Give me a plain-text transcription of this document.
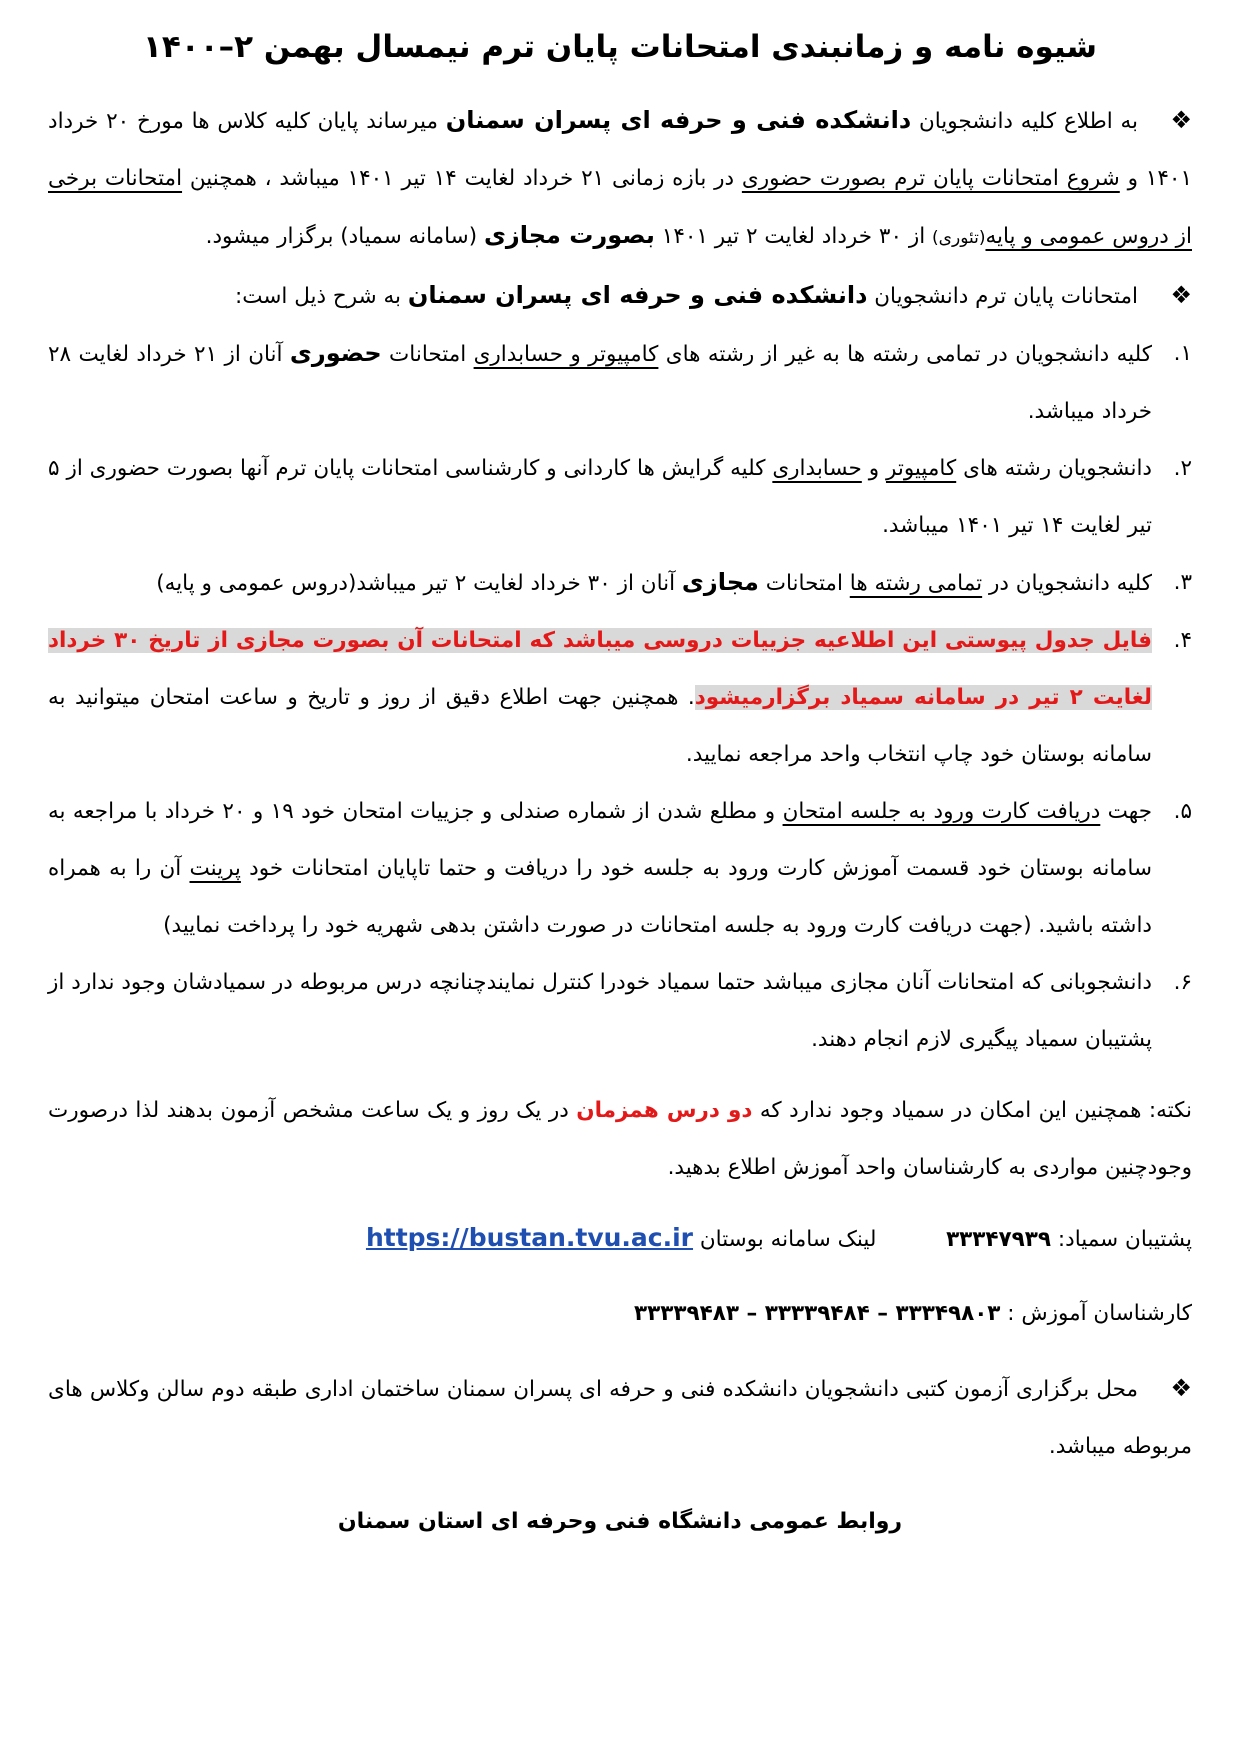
شیوه نامه و زمانبندی امتحانات پایان ترم نیمسال بهمن ۲–۱۴۰۰

❖به اطلاع کلیه دانشجویان دانشکده فنی و حرفه ای پسران سمنان میرساند پایان کلیه کلاس ها مورخ ۲۰ خرداد ۱۴۰۱ و شروع امتحانات پایان ترم بصورت حضوری در بازه زمانی ۲۱ خرداد لغایت ۱۴ تیر ۱۴۰۱ میباشد ، همچنین امتحانات برخی از دروس عمومی و پایه(تئوری) از ۳۰ خرداد لغایت ۲ تیر ۱۴۰۱ بصورت مجازی (سامانه سمیاد) برگزار میشود.

❖امتحانات پایان ترم دانشجویان دانشکده فنی و حرفه ای پسران سمنان به شرح ذیل است:

۱.
کلیه دانشجویان در تمامی رشته ها به غیر از رشته های کامپیوتر و حسابداری امتحانات حضوری آنان از ۲۱ خرداد لغایت ۲۸ خرداد میباشد.
۲.
دانشجویان رشته های کامپیوتر و حسابداری کلیه گرایش ها کاردانی و کارشناسی امتحانات پایان ترم آنها بصورت حضوری از ۵ تیر لغایت ۱۴ تیر ۱۴۰۱ میباشد.
۳.
کلیه دانشجویان در تمامی رشته ها امتحانات مجازی آنان از ۳۰ خرداد لغایت ۲ تیر میباشد(دروس عمومی و پایه)
۴.
فایل جدول پیوستی این اطلاعیه جزییات دروسی میباشد که امتحانات آن بصورت مجازی از تاریخ ۳۰ خرداد لغایت ۲ تیر در سامانه سمیاد برگزارمیشود. همچنین جهت اطلاع دقیق از روز و تاریخ و ساعت امتحان میتوانید به سامانه بوستان خود چاپ انتخاب واحد مراجعه نمایید.
۵.
جهت دریافت کارت ورود به جلسه امتحان و مطلع شدن از شماره صندلی و جزییات امتحان خود ۱۹ و ۲۰ خرداد با مراجعه به سامانه بوستان خود قسمت آموزش کارت ورود به جلسه خود را دریافت و حتما تاپایان امتحانات خود پرینت آن را به همراه داشته باشید. (جهت دریافت کارت ورود به جلسه امتحانات در صورت داشتن بدهی شهریه خود را پرداخت نمایید)
۶.
دانشجوبانی که امتحانات آنان مجازی میباشد حتما سمیاد خودرا کنترل نمایندچنانچه درس مربوطه در سمیادشان وجود ندارد از پشتیبان سمیاد پیگیری لازم انجام دهند.

نکته: همچنین این امکان در سمیاد وجود ندارد که دو درس همزمان در یک روز و یک ساعت مشخص آزمون بدهند لذا درصورت وجودچنین مواردی به کارشناسان واحد آموزش اطلاع بدهید.

پشتیبان سمیاد: ۳۳۳۴۷۹۳۹  لینک سامانه بوستان https://bustan.tvu.ac.ir
کارشناسان آموزش : ۳۳۳۴۹۸۰۳ – ۳۳۳۳۹۴۸۴ – ۳۳۳۳۹۴۸۳

❖محل برگزاری آزمون کتبی دانشجویان دانشکده فنی و حرفه ای پسران سمنان ساختمان اداری طبقه دوم سالن وکلاس های مربوطه میباشد.

روابط عمومی دانشگاه فنی وحرفه ای استان سمنان
